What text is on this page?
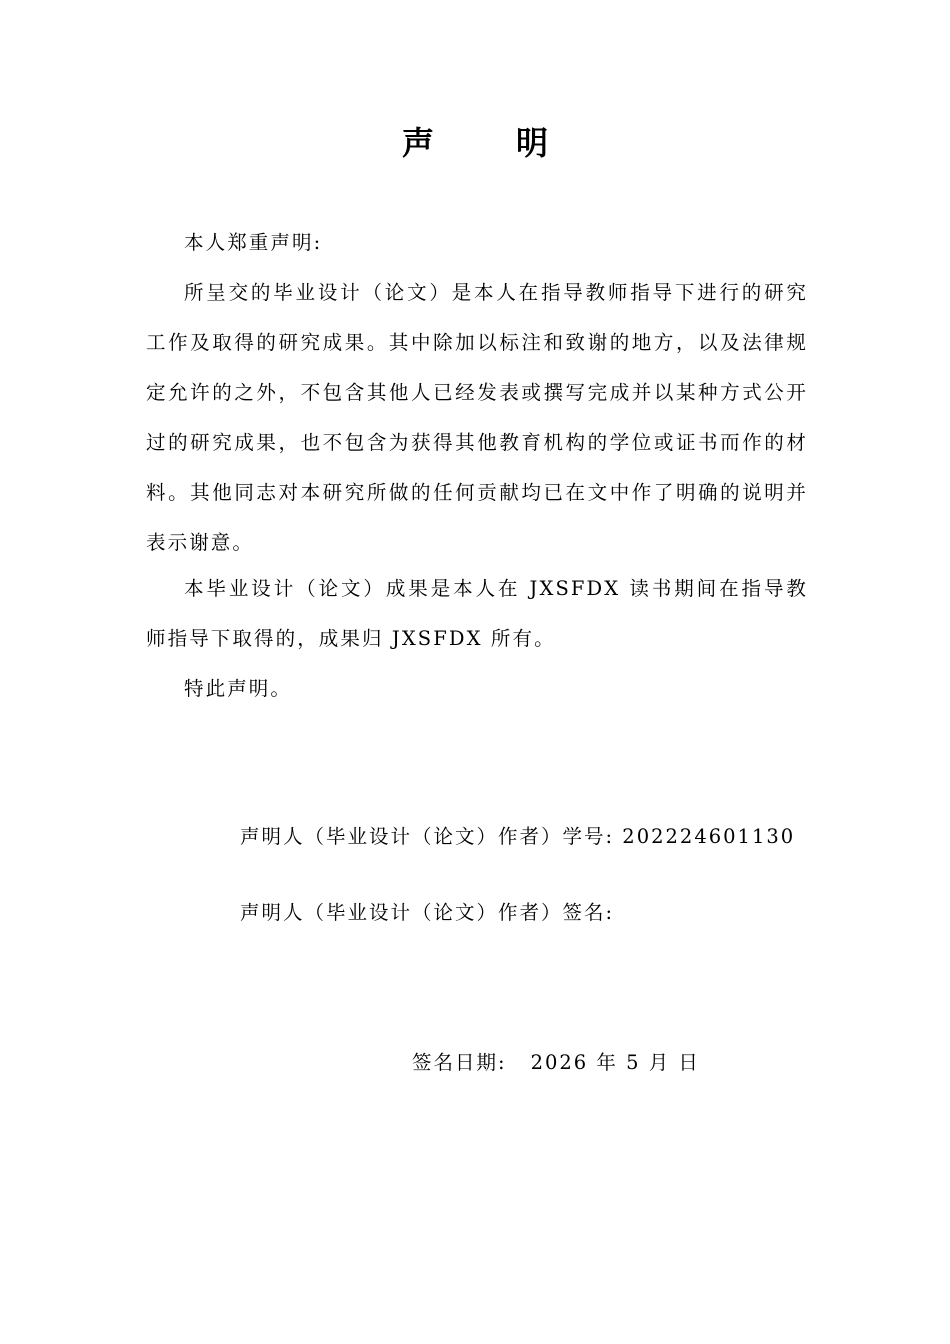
声	明

本人郑重声明:

所呈交的毕业设计（论文）是本人在指导教师指导下进行的研究工作及取得的研究成果。其中除加以标注和致谢的地方，以及法律规定允许的之外，不包含其他人已经发表或撰写完成并以某种方式公开过的研究成果，也不包含为获得其他教育机构的学位或证书而作的材料。其他同志对本研究所做的任何贡献均已在文中作了明确的说明并表示谢意。

本毕业设计（论文）成果是本人在 JXSFDX 读书期间在指导教师指导下取得的，成果归 JXSFDX 所有。

特此声明。

声明人（毕业设计（论文）作者）学号: 202224601130
声明人（毕业设计（论文）作者）签名:
签名日期: 2026 年 5 月 日
